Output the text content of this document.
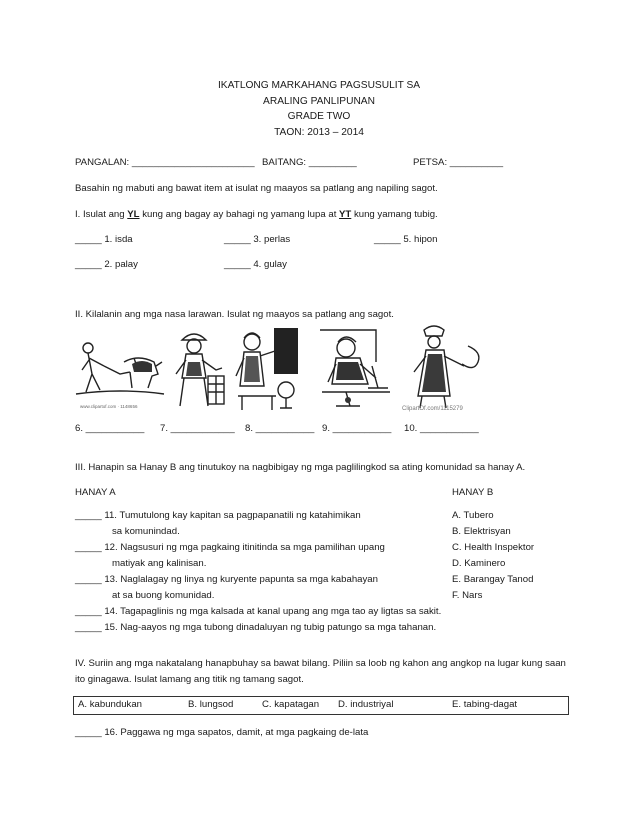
IKATLONG MARKAHANG PAGSUSULIT SA
ARALING PANLIPUNAN
GRADE TWO
TAON: 2013 – 2014
PANGALAN: _______________________ BAITANG: _________	PETSA: __________
Basahin ng mabuti ang bawat item at isulat ng maayos sa patlang ang napiling sagot.
I. Isulat ang YL kung ang bagay ay bahagi ng yamang lupa at YT kung yamang tubig.
_____ 1. isda	_____ 3. perlas	_____ 5. hipon
_____ 2. palay	_____ 4. gulay
II. Kilalanin ang mga nasa larawan. Isulat ng maayos sa patlang ang sagot.
www.clipartof.com · 1148656	ClipartOf.com/1115279
6. ___________ 7. ____________ 8. ___________ 9. ___________ 10. ___________
III. Hanapin sa Hanay B ang tinutukoy na nagbibigay ng mga paglilingkod sa ating komunidad sa hanay A.
HANAY A	HANAY B
_____ 11. Tumutulong kay kapitan sa pagpapanatili ng katahimikan
sa komunindad.
_____ 12. Nagsusuri ng mga pagkaing itinitinda sa mga pamilihan upang
matiyak ang kalinisan.
_____ 13. Naglalagay ng linya ng kuryente papunta sa mga kabahayan
at sa buong komunidad.
_____ 14. Tagapaglinis ng mga kalsada at kanal upang ang mga tao ay ligtas sa sakit.
_____ 15. Nag-aayos ng mga tubong dinadaluyan ng tubig patungo sa mga tahanan.
A. Tubero
B. Elektrisyan
C. Health Inspektor
D. Kaminero
E. Barangay Tanod
F. Nars
IV. Suriin ang mga nakatalang hanapbuhay sa bawat bilang. Piliin sa loob ng kahon ang angkop na lugar kung saan
ito ginagawa. Isulat lamang ang titik ng tamang sagot.
A. kabundukan	B. lungsod	C. kapatagan D. industriyal	E. tabing-dagat
_____ 16. Paggawa ng mga sapatos, damit, at mga pagkaing de-lata
